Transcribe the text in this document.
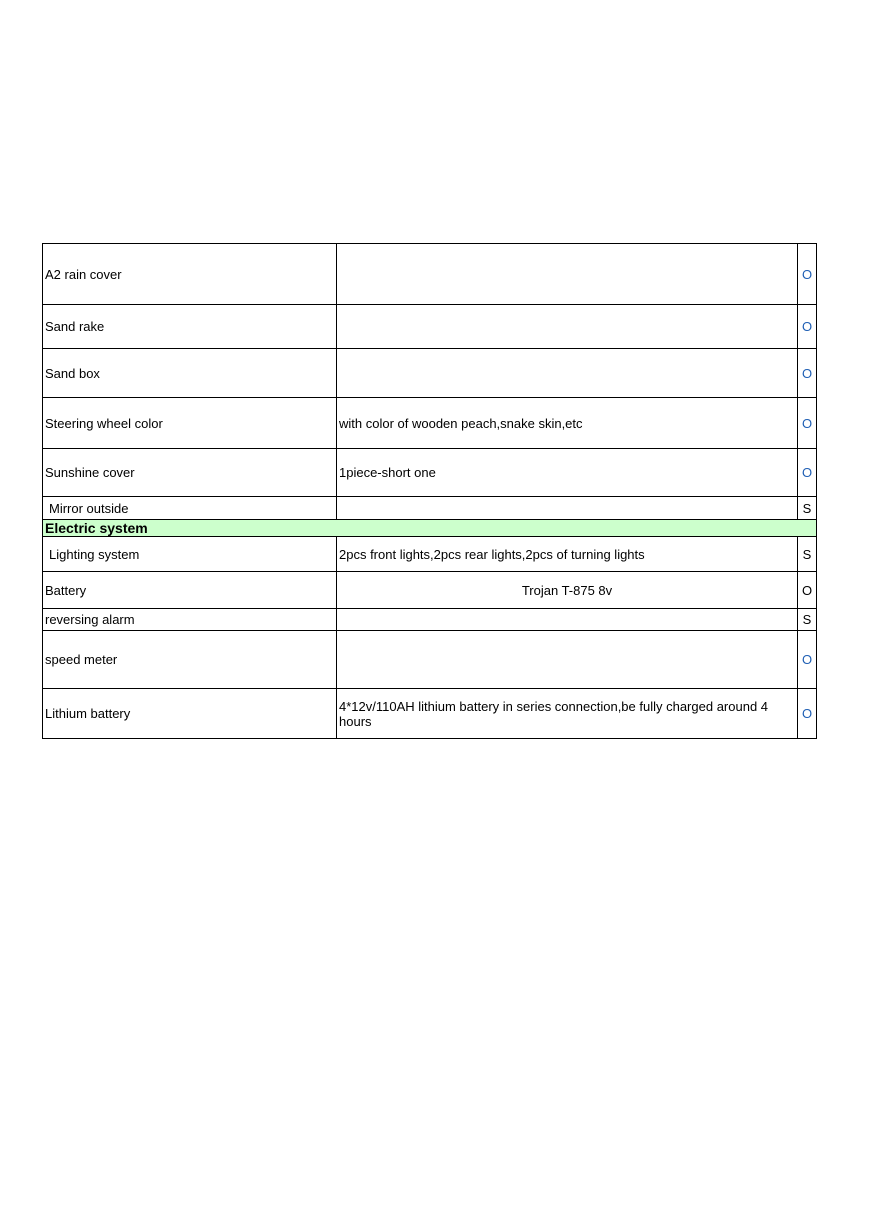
A2 rain cover		O
Sand rake		O
Sand box		O
Steering wheel color	with color of wooden peach,snake skin,etc	O
Sunshine cover	1piece-short one	O
Mirror outside		S
Electric system		
Lighting system	2pcs front lights,2pcs rear lights,2pcs of turning lights	S
Battery	Trojan T-875 8v	O
reversing alarm		S
speed meter		O
Lithium battery	4*12v/110AH lithium battery in series connection,be fully charged around 4 hours	O
